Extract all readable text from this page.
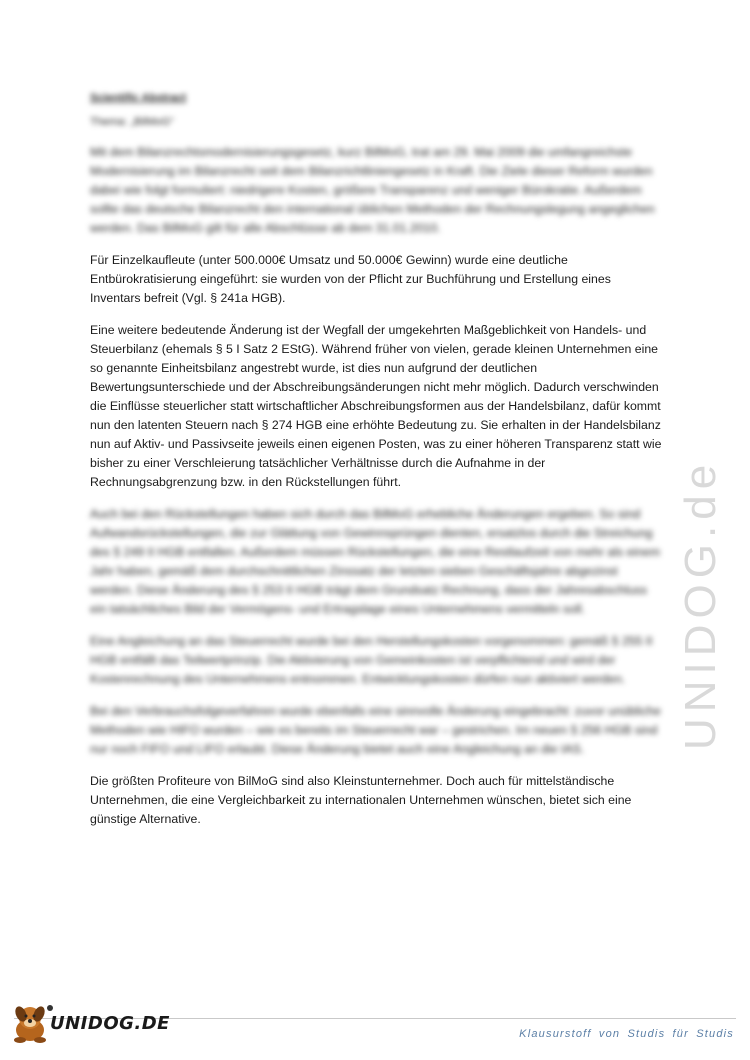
Scientific Abstract

Thema: „BilMoG“

Mit dem Bilanzrechtsmodernisierungsgesetz, kurz BilMoG, trat am 29. Mai 2009 die umfangreichste Modernisierung im Bilanzrecht seit dem Bilanzrichtliniengesetz in Kraft. Die Ziele dieser Reform wurden dabei wie folgt formuliert: niedrigere Kosten, größere Transparenz und weniger Bürokratie. Außerdem sollte das deutsche Bilanzrecht den international üblichen Methoden der Rechnungslegung angeglichen werden. Das BilMoG gilt für alle Abschlüsse ab dem 31.01.2010.

Für Einzelkaufleute (unter 500.000€ Umsatz und 50.000€ Gewinn) wurde eine deutliche Entbürokratisierung eingeführt: sie wurden von der Pflicht zur Buchführung und Erstellung eines Inventars befreit (Vgl. § 241a HGB).

Eine weitere bedeutende Änderung ist der Wegfall der umgekehrten Maßgeblichkeit von Handels- und Steuerbilanz (ehemals § 5 I Satz 2 EStG). Während früher von vielen, gerade kleinen Unternehmen eine so genannte Einheitsbilanz angestrebt wurde, ist dies nun aufgrund der deutlichen Bewertungsunterschiede und der Abschreibungsänderungen nicht mehr möglich. Dadurch verschwinden die Einflüsse steuerlicher statt wirtschaftlicher Abschreibungsformen aus der Handelsbilanz, dafür kommt nun den latenten Steuern nach § 274 HGB eine erhöhte Bedeutung zu. Sie erhalten in der Handelsbilanz nun auf Aktiv- und Passivseite jeweils einen eigenen Posten, was zu einer höheren Transparenz statt wie bisher zu einer Verschleierung tatsächlicher Verhältnisse durch die Aufnahme in der Rechnungsabgrenzung bzw. in den Rückstellungen führt.

Auch bei den Rückstellungen haben sich durch das BilMoG erhebliche Änderungen ergeben. So sind Aufwandsrückstellungen, die zur Glättung von Gewinnsprüngen dienten, ersatzlos durch die Streichung des § 249 II HGB entfallen. Außerdem müssen Rückstellungen, die eine Restlaufzeit von mehr als einem Jahr haben, gemäß dem durchschnittlichen Zinssatz der letzten sieben Geschäftsjahre abgezinst werden. Diese Änderung des § 253 II HGB trägt dem Grundsatz Rechnung, dass der Jahresabschluss ein tatsächliches Bild der Vermögens- und Ertragslage eines Unternehmens vermitteln soll.

Eine Angleichung an das Steuerrecht wurde bei den Herstellungskosten vorgenommen: gemäß § 255 II HGB entfällt das Teilwertprinzip. Die Aktivierung von Gemeinkosten ist verpflichtend und wird der Kostenrechnung des Unternehmens entnommen. Entwicklungskosten dürfen nun aktiviert werden.

Bei den Verbrauchsfolgeverfahren wurde ebenfalls eine sinnvolle Änderung eingebracht: zuvor unübliche Methoden wie HIFO wurden – wie es bereits im Steuerrecht war – gestrichen. Im neuen § 256 HGB sind nur noch FIFO und LIFO erlaubt. Diese Änderung bietet auch eine Angleichung an die IAS.

Die größten Profiteure von BilMoG sind also Kleinstunternehmer. Doch auch für mittelständische Unternehmen, die eine Vergleichbarkeit zu internationalen Unternehmen wünschen, bietet sich eine günstige Alternative.

UNIDOG.de
UNIDOG.DE	Klausurstoff von Studis für Studis
